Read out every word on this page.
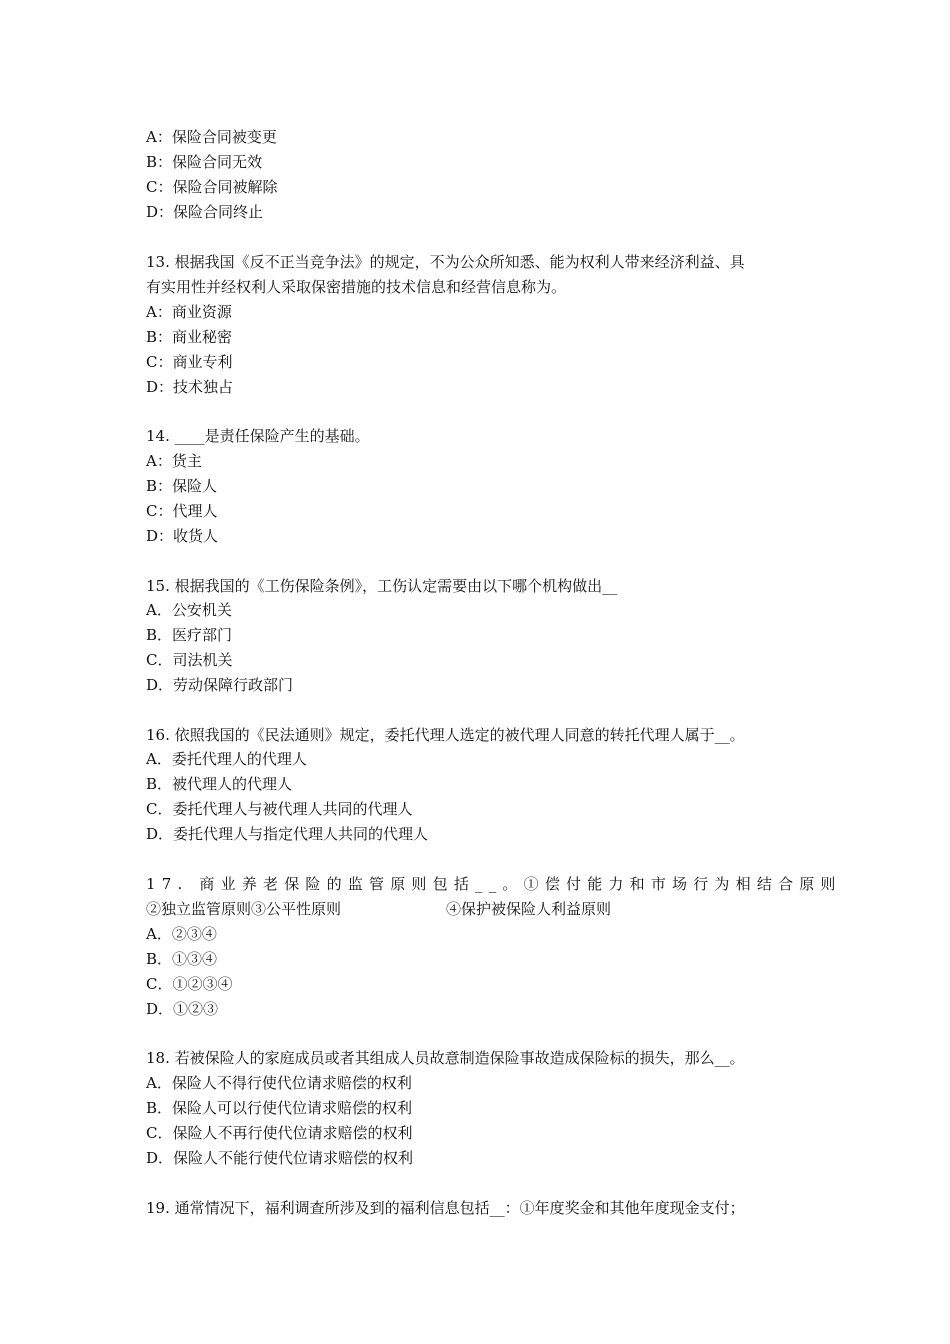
A：保险合同被变更
B：保险合同无效
C：保险合同被解除
D：保险合同终止
13. 根据我国《反不正当竞争法》的规定，不为公众所知悉、能为权利人带来经济利益、具
有实用性并经权利人采取保密措施的技术信息和经营信息称为。
A：商业资源
B：商业秘密
C：商业专利
D：技术独占
14. ____是责任保险产生的基础。
A：货主
B：保险人
C：代理人
D：收货人
15. 根据我国的《工伤保险条例》，工伤认定需要由以下哪个机构做出__
A．公安机关
B．医疗部门
C．司法机关
D．劳动保障行政部门
16. 依照我国的《民法通则》规定，委托代理人选定的被代理人同意的转托代理人属于__。
A．委托代理人的代理人
B．被代理人的代理人
C．委托代理人与被代理人共同的代理人
D．委托代理人与指定代理人共同的代理人
17. 商业养老保险的监管原则包括__。①偿付能力和市场行为相结合原则
②独立监管原则③公平性原则	④保护被保险人利益原则
A．②③④
B．①③④
C．①②③④
D．①②③
18. 若被保险人的家庭成员或者其组成人员故意制造保险事故造成保险标的损失，那么__。
A．保险人不得行使代位请求赔偿的权利
B．保险人可以行使代位请求赔偿的权利
C．保险人不再行使代位请求赔偿的权利
D．保险人不能行使代位请求赔偿的权利
19. 通常情况下，福利调查所涉及到的福利信息包括__：①年度奖金和其他年度现金支付；
